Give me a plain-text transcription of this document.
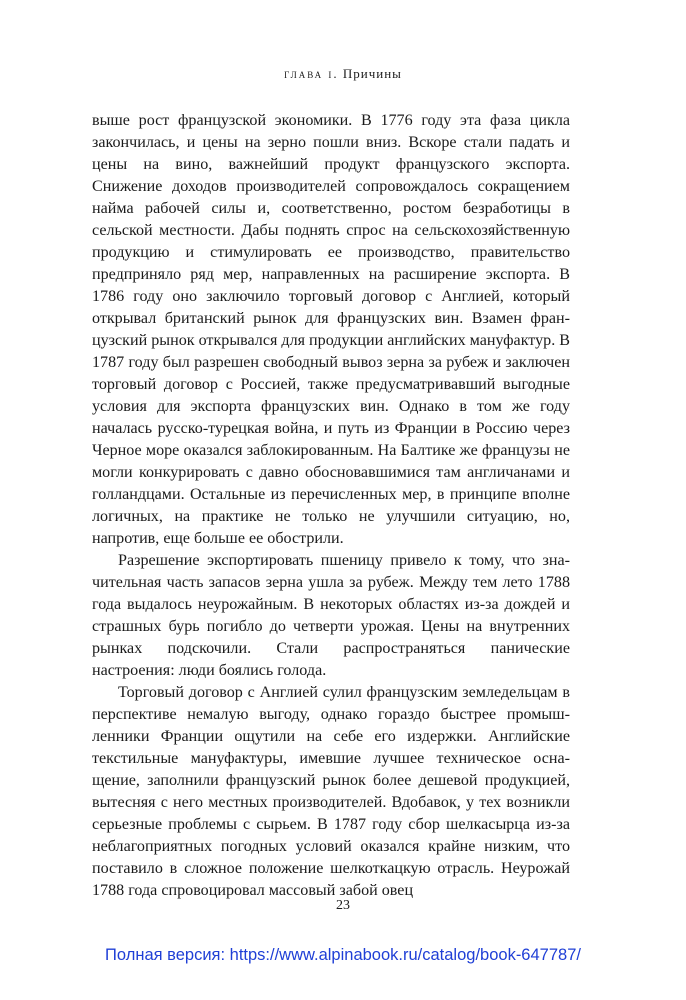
глава i. Причины

выше рост французской экономики. В 1776 году эта фаза цикла закончилась, и цены на зерно пошли вниз. Вскоре стали падать и цены на вино, важнейший продукт французского экспорта. Снижение доходов производителей сопровождалось сокращением найма рабочей силы и, соответственно, ростом безработицы в сельской местности. Дабы поднять спрос на сельскохозяйственную продукцию и стимулировать ее производство, правительство предприняло ряд мер, направленных на расширение экспорта. В 1786 году оно заключило торговый договор с Англией, который открывал британский рынок для французских вин. Взамен французский рынок открывался для продукции английских мануфактур. В 1787 году был разрешен свободный вывоз зерна за рубеж и заключен торговый договор с Россией, также предусматривавший выгодные условия для экспорта французских вин. Однако в том же году началась русско-турецкая война, и путь из Франции в Россию через Черное море оказался заблокированным. На Балтике же французы не могли конкурировать с давно обосновавшимися там англичанами и голландцами. Остальные из перечисленных мер, в принципе вполне логичных, на практике не только не улучшили ситуацию, но, напротив, еще больше ее обострили.

Разрешение экспортировать пшеницу привело к тому, что значительная часть запасов зерна ушла за рубеж. Между тем лето 1788 года выдалось неурожайным. В некоторых областях из-за дождей и страшных бурь погибло до четверти урожая. Цены на внутренних рынках подскочили. Стали распространяться панические настроения: люди боялись голода.

Торговый договор с Англией сулил французским земледельцам в перспективе немалую выгоду, однако гораздо быстрее промышленники Франции ощутили на себе его издержки. Английские текстильные мануфактуры, имевшие лучшее техническое оснащение, заполнили французский рынок более дешевой продукцией, вытесняя с него местных производителей. Вдобавок, у тех возникли серьезные проблемы с сырьем. В 1787 году сбор шелкасырца из-за неблагоприятных погодных условий оказался крайне низким, что поставило в сложное положение шелкоткацкую отрасль. Неурожай 1788 года спровоцировал массовый забой овец

23
Полная версия: https://www.alpinabook.ru/catalog/book-647787/
